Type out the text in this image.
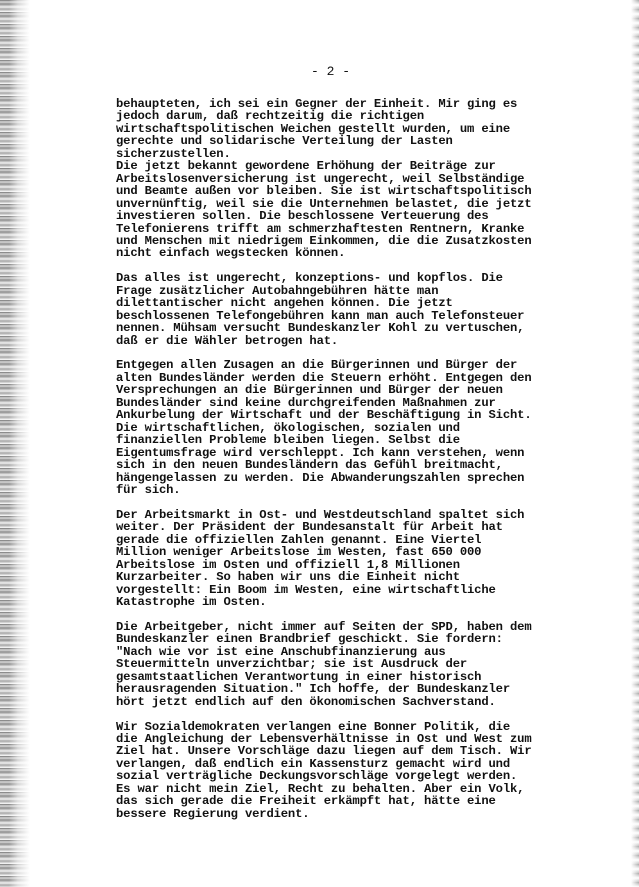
- 2 -
behaupteten, ich sei ein Gegner der Einheit. Mir ging es
jedoch darum, daß rechtzeitig die richtigen
wirtschaftspolitischen Weichen gestellt wurden, um eine
gerechte und solidarische Verteilung der Lasten
sicherzustellen.
Die jetzt bekannt gewordene Erhöhung der Beiträge zur
Arbeitslosenversicherung ist ungerecht, weil Selbständige
und Beamte außen vor bleiben. Sie ist wirtschaftspolitisch
unvernünftig, weil sie die Unternehmen belastet, die jetzt
investieren sollen. Die beschlossene Verteuerung des
Telefonierens trifft am schmerzhaftesten Rentnern, Kranke
und Menschen mit niedrigem Einkommen, die die Zusatzkosten
nicht einfach wegstecken können.
Das alles ist ungerecht, konzeptions- und kopflos. Die
Frage zusätzlicher Autobahngebühren hätte man
dilettantischer nicht angehen können. Die jetzt
beschlossenen Telefongebühren kann man auch Telefonsteuer
nennen. Mühsam versucht Bundeskanzler Kohl zu vertuschen,
daß er die Wähler betrogen hat.
Entgegen allen Zusagen an die Bürgerinnen und Bürger der
alten Bundesländer werden die Steuern erhöht. Entgegen den
Versprechungen an die Bürgerinnen und Bürger der neuen
Bundesländer sind keine durchgreifenden Maßnahmen zur
Ankurbelung der Wirtschaft und der Beschäftigung in Sicht.
Die wirtschaftlichen, ökologischen, sozialen und
finanziellen Probleme bleiben liegen. Selbst die
Eigentumsfrage wird verschleppt. Ich kann verstehen, wenn
sich in den neuen Bundesländern das Gefühl breitmacht,
hängengelassen zu werden. Die Abwanderungszahlen sprechen
für sich.
Der Arbeitsmarkt in Ost- und Westdeutschland spaltet sich
weiter. Der Präsident der Bundesanstalt für Arbeit hat
gerade die offiziellen Zahlen genannt. Eine Viertel
Million weniger Arbeitslose im Westen, fast 650 000
Arbeitslose im Osten und offiziell 1,8 Millionen
Kurzarbeiter. So haben wir uns die Einheit nicht
vorgestellt: Ein Boom im Westen, eine wirtschaftliche
Katastrophe im Osten.
Die Arbeitgeber, nicht immer auf Seiten der SPD, haben dem
Bundeskanzler einen Brandbrief geschickt. Sie fordern:
"Nach wie vor ist eine Anschubfinanzierung aus
Steuermitteln unverzichtbar; sie ist Ausdruck der
gesamtstaatlichen Verantwortung in einer historisch
herausragenden Situation." Ich hoffe, der Bundeskanzler
hört jetzt endlich auf den ökonomischen Sachverstand.
Wir Sozialdemokraten verlangen eine Bonner Politik, die
die Angleichung der Lebensverhältnisse in Ost und West zum
Ziel hat. Unsere Vorschläge dazu liegen auf dem Tisch. Wir
verlangen, daß endlich ein Kassensturz gemacht wird und
sozial verträgliche Deckungsvorschläge vorgelegt werden.
Es war nicht mein Ziel, Recht zu behalten. Aber ein Volk,
das sich gerade die Freiheit erkämpft hat, hätte eine
bessere Regierung verdient.
